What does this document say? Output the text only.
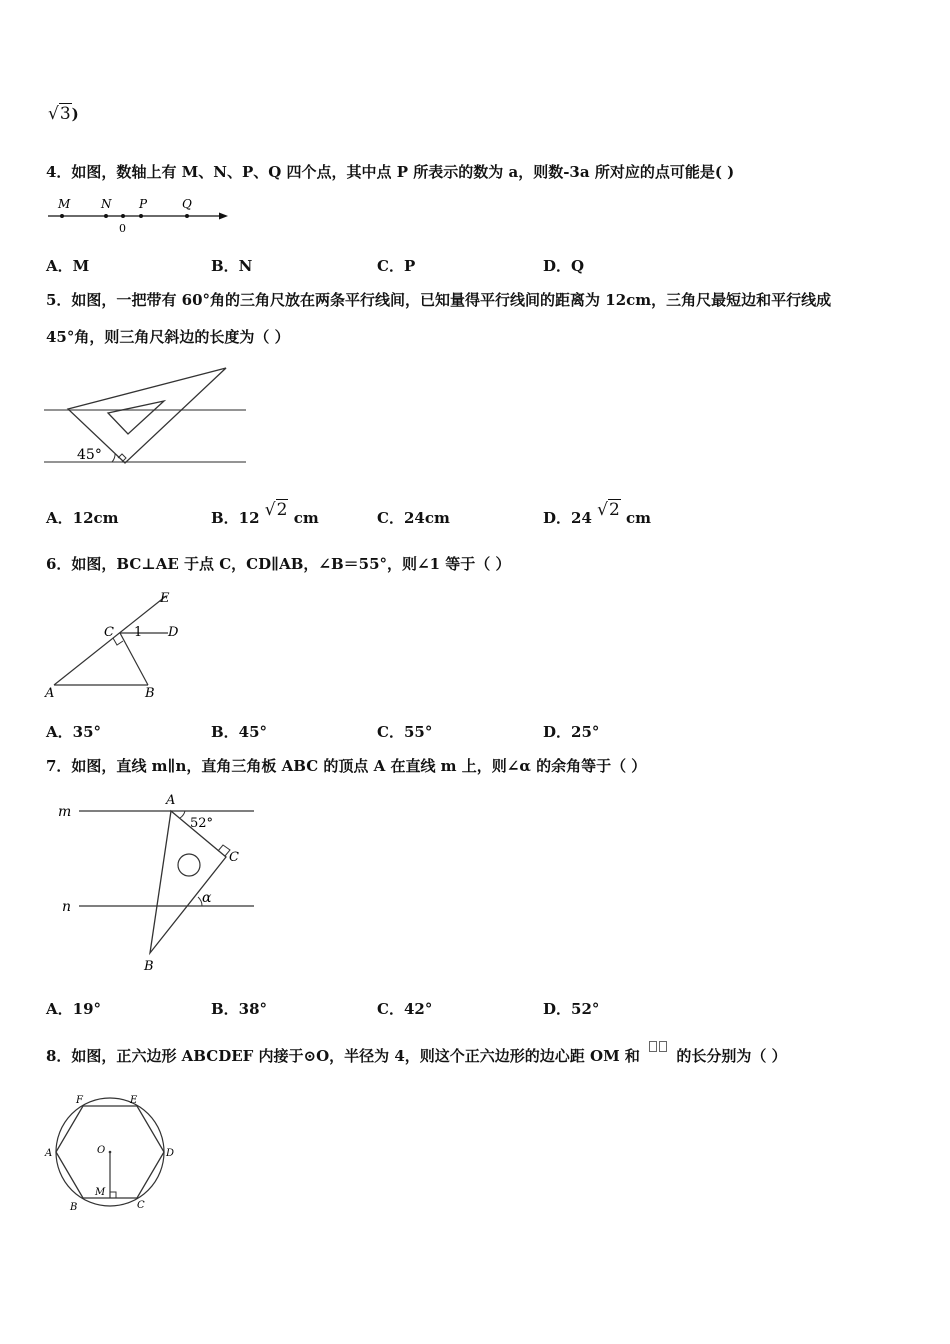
√3)
4．如图，数轴上有 M、N、P、Q 四个点，其中点 P 所表示的数为 a，则数-3a 所对应的点可能是( )
M	N P	Q
0
A．M	B．N	C．P	D．Q
5．如图，一把带有 60°角的三角尺放在两条平行线间，已知量得平行线间的距离为 12cm，三角尺最短边和平行线成
45°角，则三角尺斜边的长度为（ ）
45°
A．12cm	B．12 √2 cm	C．24cm	D．24 √2 cm
6．如图，BC⊥AE 于点 C，CD∥AB，∠B＝55°，则∠1 等于（ ）
E
C 1 D
A	B
A．35°	B．45°	C．55°	D．25°
7．如图，直线 m∥n，直角三角板 ABC 的顶点 A 在直线 m 上，则∠α 的余角等于（ ）
m
n
A
52°
C
α
B
A．19°	B．38°	C．42°	D．52°
8．如图，正六边形 ABCDEF 内接于⊙O，半径为 4，则这个正六边形的边心距 OM 和 的长分别为（ ）
F	E
A	O	D
M
B	C
